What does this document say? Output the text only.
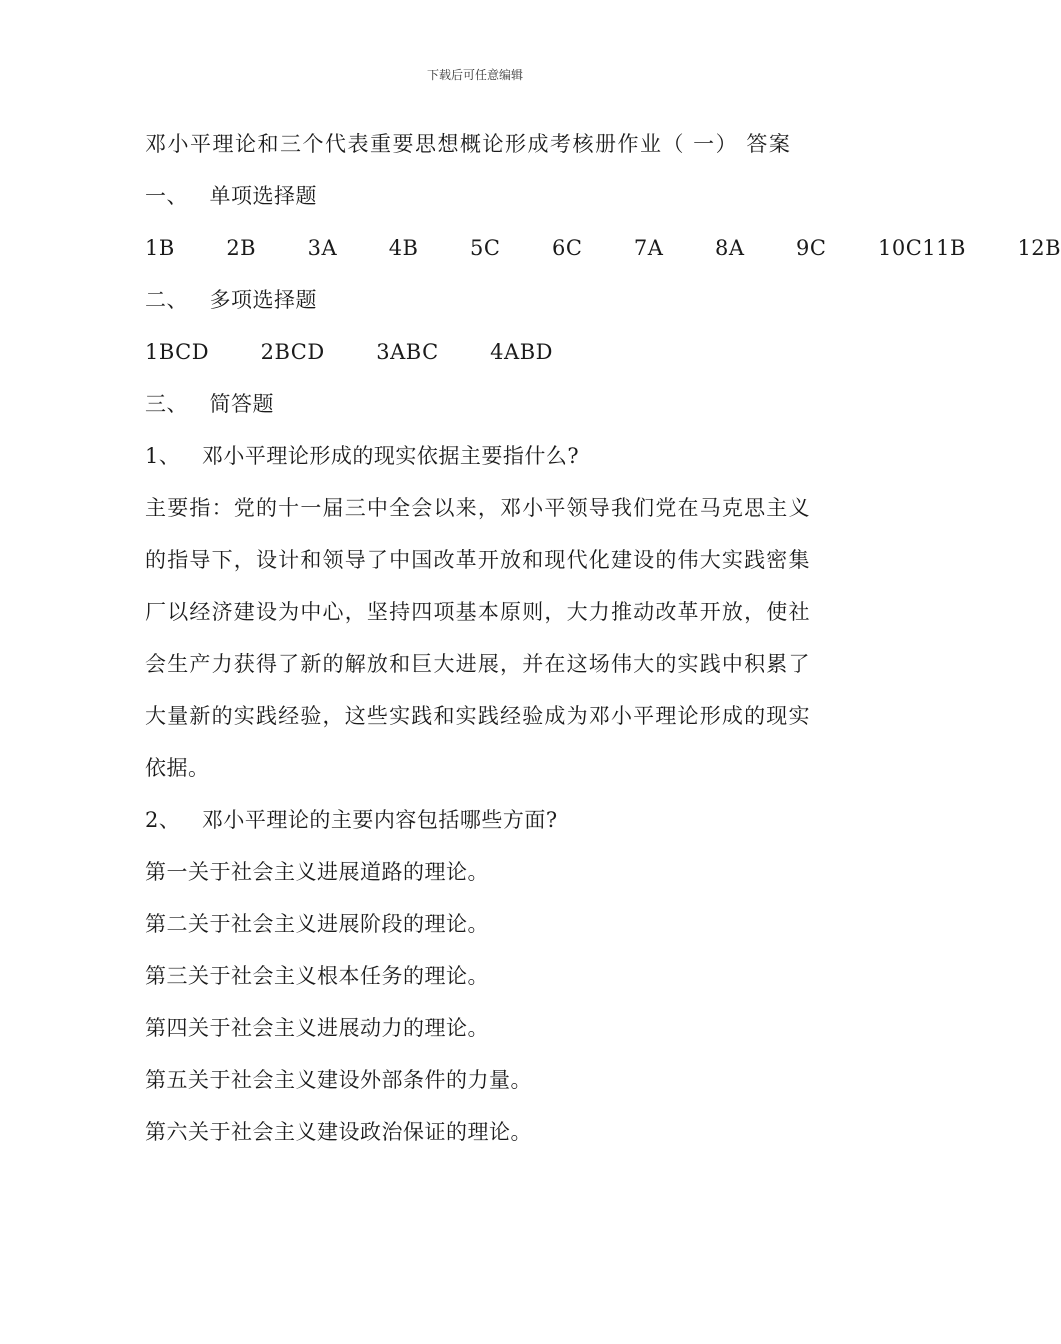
下载后可任意编辑
邓小平理论和三个代表重要思想概论形成考核册作业（ 一） 答案
一、   单项选择题
1B   2B   3A   4B   5C   6C   7A   8A   9C   10C11B   12B
二、   多项选择题
1BCD   2BCD   3ABC   4ABD
三、   简答题
1、   邓小平理论形成的现实依据主要指什么?
主要指：党的十一届三中全会以来，邓小平领导我们党在马克思主义的指导下，设计和领导了中国改革开放和现代化建设的伟大实践密集厂以经济建设为中心，坚持四项基本原则，大力推动改革开放，使社会生产力获得了新的解放和巨大进展，并在这场伟大的实践中积累了大量新的实践经验，这些实践和实践经验成为邓小平理论形成的现实依据。
2、   邓小平理论的主要内容包括哪些方面?
第一关于社会主义进展道路的理论。
第二关于社会主义进展阶段的理论。
第三关于社会主义根本任务的理论。
第四关于社会主义进展动力的理论。
第五关于社会主义建设外部条件的力量。
第六关于社会主义建设政治保证的理论。
